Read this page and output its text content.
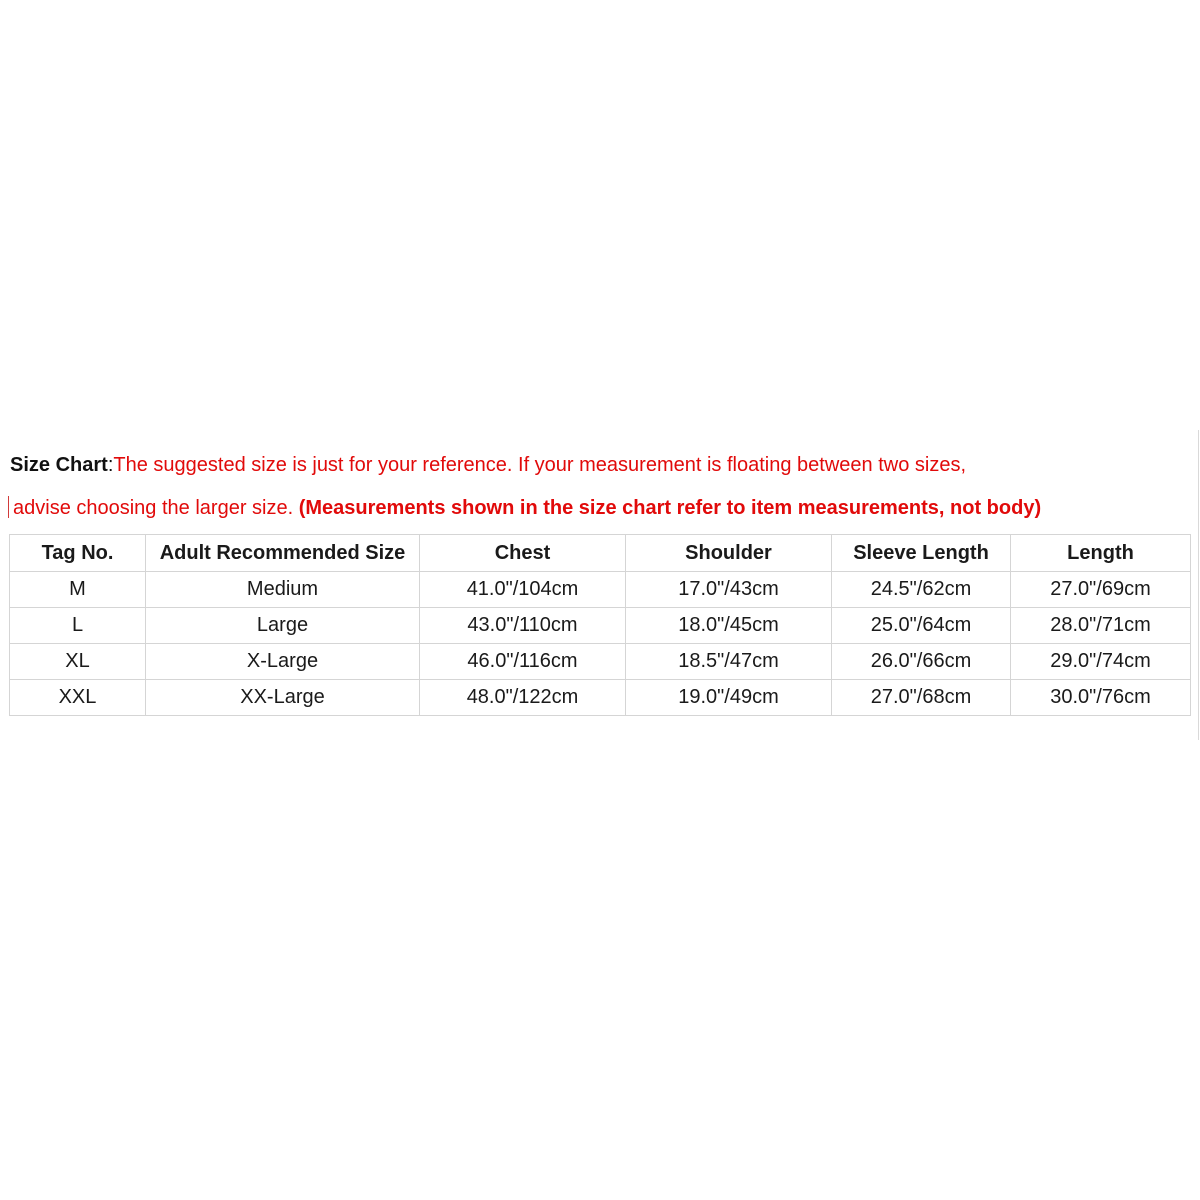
Size Chart:The suggested size is just for your reference. If your measurement is floating between two sizes,
advise choosing the larger size. (Measurements shown in the size chart refer to item measurements, not body)

Tag No.	Adult Recommended Size	Chest	Shoulder	Sleeve Length	Length
M	Medium	41.0"/104cm	17.0"/43cm	24.5"/62cm	27.0"/69cm
L	Large	43.0"/110cm	18.0"/45cm	25.0"/64cm	28.0"/71cm
XL	X-Large	46.0"/116cm	18.5"/47cm	26.0"/66cm	29.0"/74cm
XXL	XX-Large	48.0"/122cm	19.0"/49cm	27.0"/68cm	30.0"/76cm
